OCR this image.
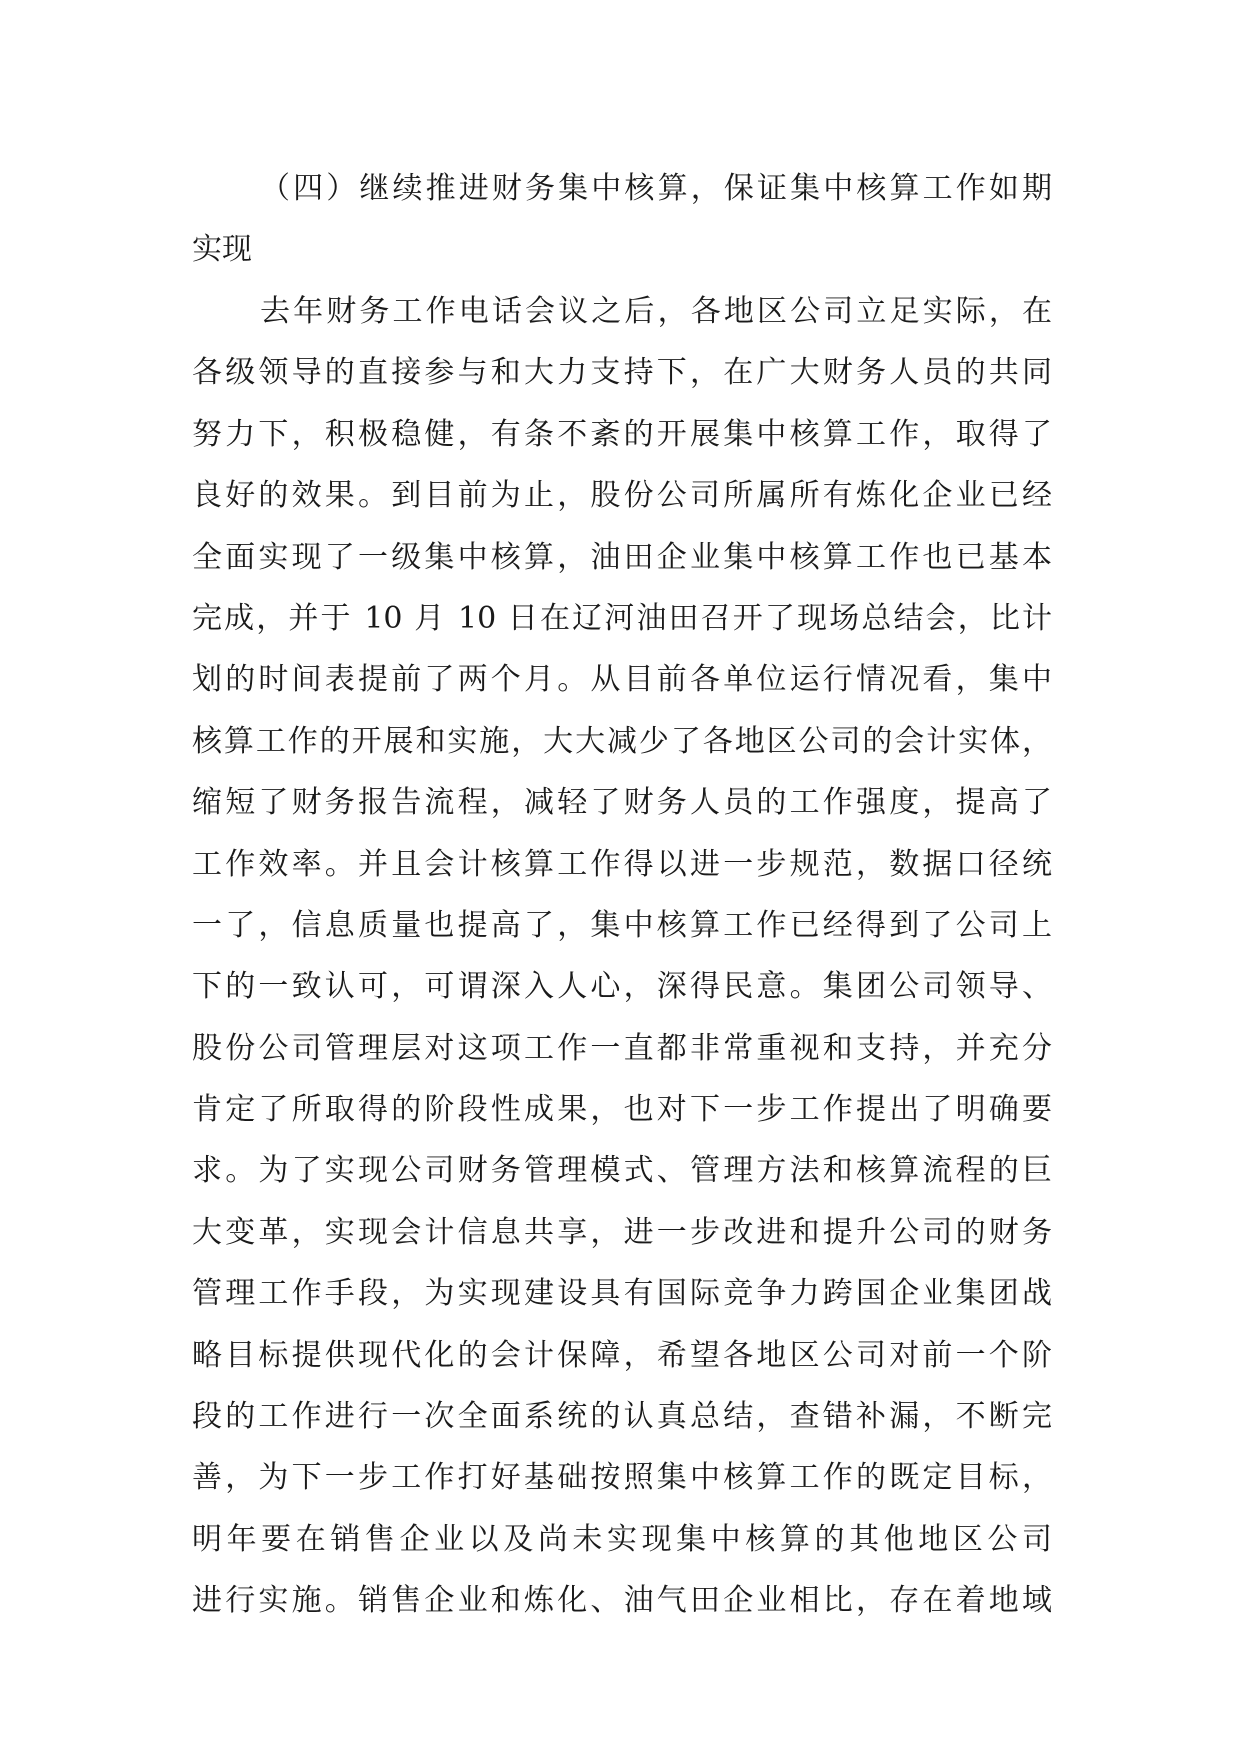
（四）继续推进财务集中核算，保证集中核算工作如期
实现
去年财务工作电话会议之后，各地区公司立足实际，在
各级领导的直接参与和大力支持下，在广大财务人员的共同
努力下，积极稳健，有条不紊的开展集中核算工作，取得了
良好的效果。到目前为止，股份公司所属所有炼化企业已经
全面实现了一级集中核算，油田企业集中核算工作也已基本
完成，并于 10 月 10 日在辽河油田召开了现场总结会，比计
划的时间表提前了两个月。从目前各单位运行情况看，集中
核算工作的开展和实施，大大减少了各地区公司的会计实体，
缩短了财务报告流程，减轻了财务人员的工作强度，提高了
工作效率。并且会计核算工作得以进一步规范，数据口径统
一了，信息质量也提高了，集中核算工作已经得到了公司上
下的一致认可，可谓深入人心，深得民意。集团公司领导、
股份公司管理层对这项工作一直都非常重视和支持，并充分
肯定了所取得的阶段性成果，也对下一步工作提出了明确要
求。为了实现公司财务管理模式、管理方法和核算流程的巨
大变革，实现会计信息共享，进一步改进和提升公司的财务
管理工作手段，为实现建设具有国际竞争力跨国企业集团战
略目标提供现代化的会计保障，希望各地区公司对前一个阶
段的工作进行一次全面系统的认真总结，查错补漏，不断完
善，为下一步工作打好基础按照集中核算工作的既定目标，
明年要在销售企业以及尚未实现集中核算的其他地区公司
进行实施。销售企业和炼化、油气田企业相比，存在着地域
